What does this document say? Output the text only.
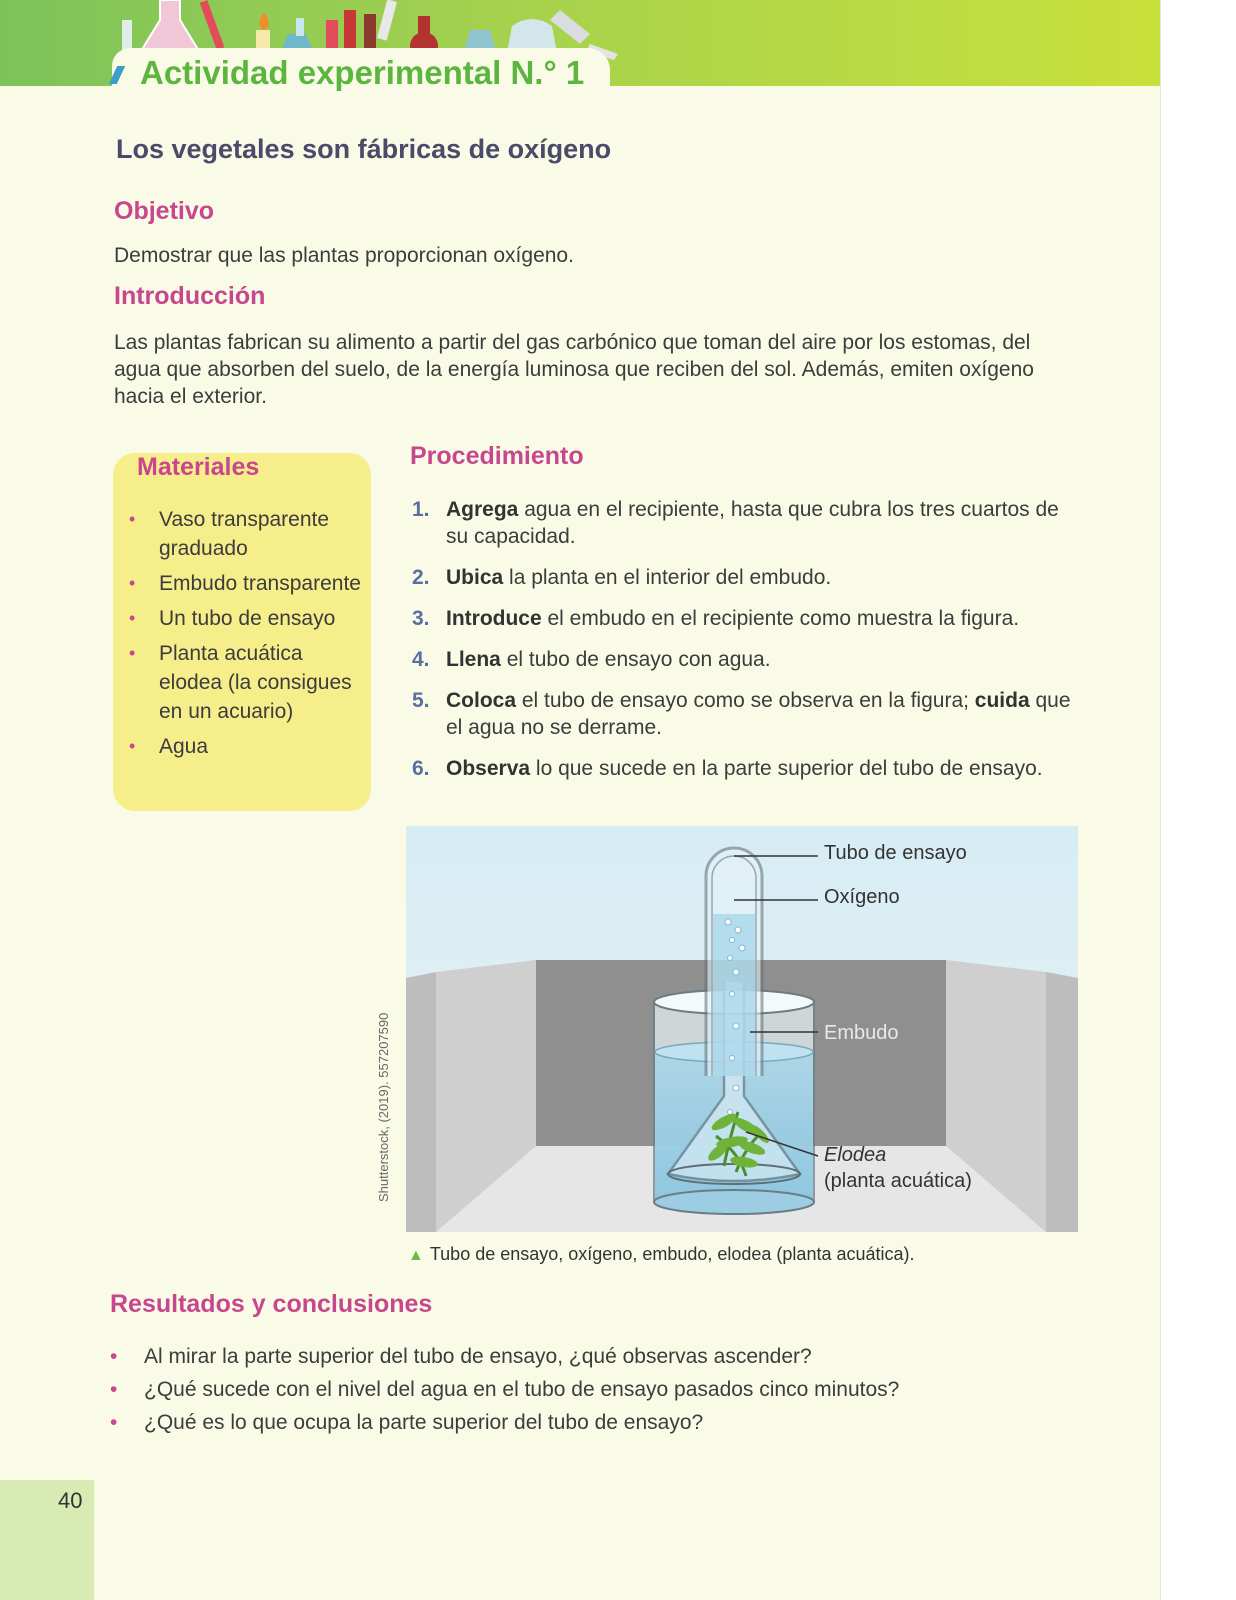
Actividad experimental N.° 1
Los vegetales son fábricas de oxígeno
Objetivo
Demostrar que las plantas proporcionan oxígeno.
Introducción
Las plantas fabrican su alimento a partir del gas carbónico que toman del aire por los estomas, del
agua que absorben del suelo, de la energía luminosa que reciben del sol. Además, emiten oxígeno
hacia el exterior.
Materiales
• Vaso transparente graduado
• Embudo transparente
• Un tubo de ensayo
• Planta acuática elodea (la consigues en un acuario)
• Agua
Procedimiento
1. Agrega agua en el recipiente, hasta que cubra los tres cuartos de su capacidad.
2. Ubica la planta en el interior del embudo.
3. Introduce el embudo en el recipiente como muestra la figura.
4. Llena el tubo de ensayo con agua.
5. Coloca el tubo de ensayo como se observa en la figura; cuida que el agua no se derrame.
6. Observa lo que sucede en la parte superior del tubo de ensayo.
Tubo de ensayo
Oxígeno
Embudo
Elodea
(planta acuática)
Shutterstock, (2019). 557207590
▲ Tubo de ensayo, oxígeno, embudo, elodea (planta acuática).
Resultados y conclusiones
• Al mirar la parte superior del tubo de ensayo, ¿qué observas ascender?
• ¿Qué sucede con el nivel del agua en el tubo de ensayo pasados cinco minutos?
• ¿Qué es lo que ocupa la parte superior del tubo de ensayo?
40
